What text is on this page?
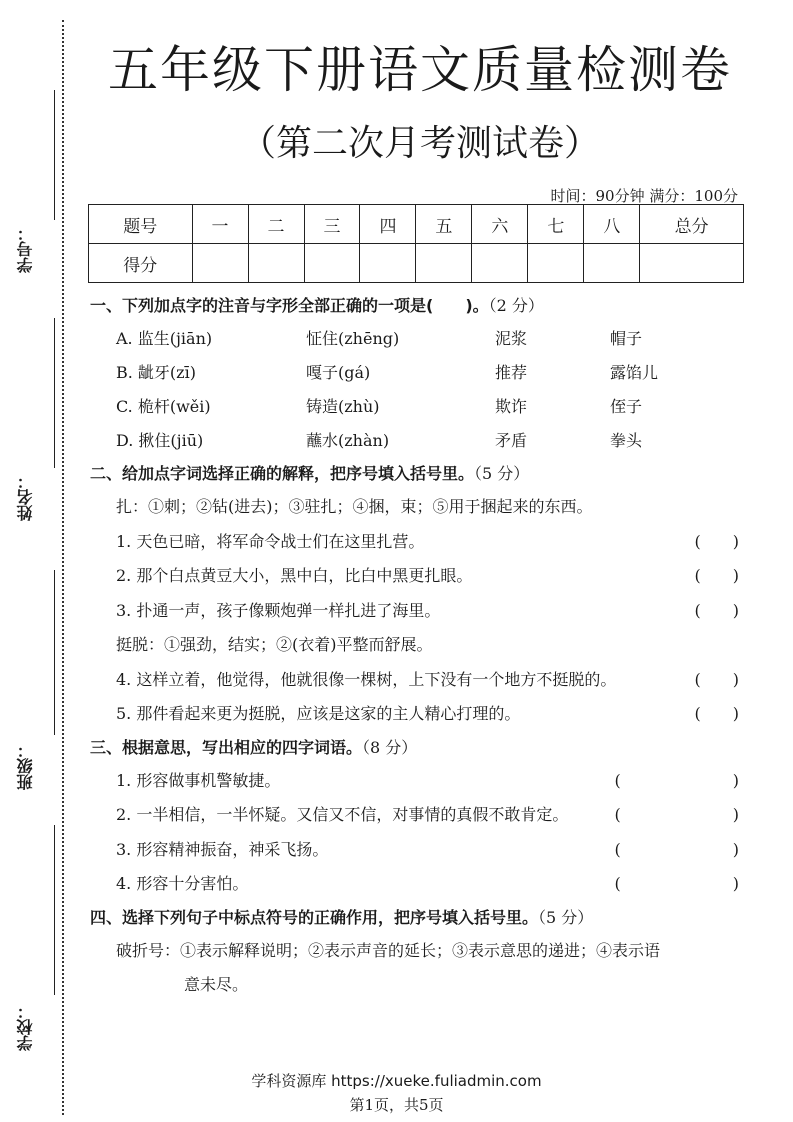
学号：
姓名：
班级：
学校：
五年级下册语文质量检测卷
（第二次月考测试卷）
时间：90分钟 满分：100分
题号	一	二	三	四	五	六	七	八	总分
得分									
一、下列加点字的注音与字形全部正确的一项是(　　)。（2 分）
A. 监生(jiān)	怔住(zhēng)	泥浆	帽子
B. 龇牙(zī)	嘎子(gá)	推荐	露馅儿
C. 桅杆(wěi)	铸造(zhù)	欺诈	侄子
D. 揪住(jiū)	蘸水(zhàn)	矛盾	拳头
二、给加点字词选择正确的解释，把序号填入括号里。（5 分）
扎：①刺；②钻(进去)；③驻扎；④捆，束；⑤用于捆起来的东西。
1. 天色已暗，将军命令战士们在这里扎营。	(　　)
2. 那个白点黄豆大小，黑中白，比白中黑更扎眼。	(　　)
3. 扑通一声，孩子像颗炮弹一样扎进了海里。	(　　)
挺脱：①强劲，结实；②(衣着)平整而舒展。
4. 这样立着，他觉得，他就很像一棵树，上下没有一个地方不挺脱的。	(　　)
5. 那件看起来更为挺脱，应该是这家的主人精心打理的。	(　　)
三、根据意思，写出相应的四字词语。（8 分）
1. 形容做事机警敏捷。	(　　　　　　　)
2. 一半相信，一半怀疑。又信又不信，对事情的真假不敢肯定。	(　　　　　　　)
3. 形容精神振奋，神采飞扬。	(　　　　　　　)
4. 形容十分害怕。	(　　　　　　　)
四、选择下列句子中标点符号的正确作用，把序号填入括号里。（5 分）
破折号：①表示解释说明；②表示声音的延长；③表示意思的递进；④表示语
意未尽。
学科资源库 https://xueke.fuliadmin.com
第1页，共5页
